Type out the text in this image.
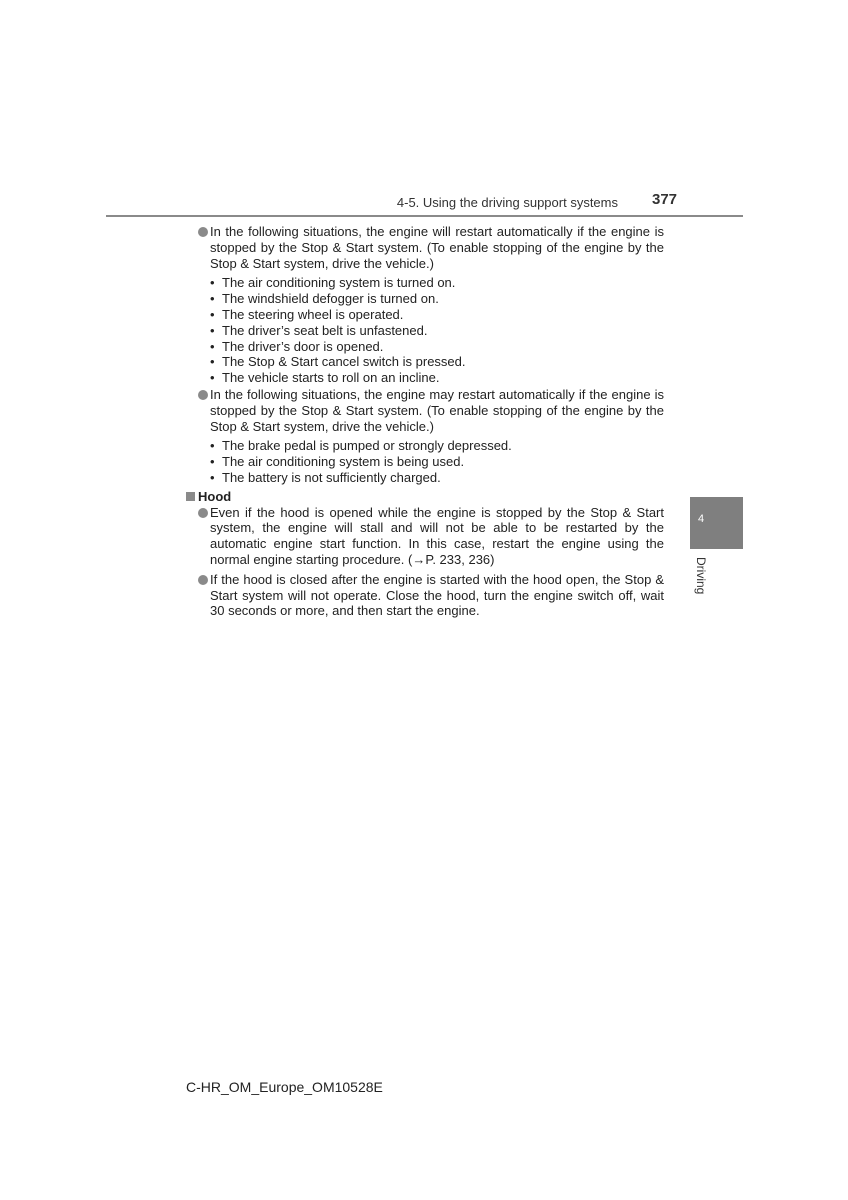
4-5. Using the driving support systems 377
4
Driving
In the following situations, the engine will restart automatically if the engine is stopped by the Stop & Start system. (To enable stopping of the engine by the Stop & Start system, drive the vehicle.)
• The air conditioning system is turned on.
• The windshield defogger is turned on.
• The steering wheel is operated.
• The driver’s seat belt is unfastened.
• The driver’s door is opened.
• The Stop & Start cancel switch is pressed.
• The vehicle starts to roll on an incline.
In the following situations, the engine may restart automatically if the engine is stopped by the Stop & Start system. (To enable stopping of the engine by the Stop & Start system, drive the vehicle.)
• The brake pedal is pumped or strongly depressed.
• The air conditioning system is being used.
• The battery is not sufficiently charged.
Hood
Even if the hood is opened while the engine is stopped by the Stop & Start system, the engine will stall and will not be able to be restarted by the automatic engine start function. In this case, restart the engine using the normal engine starting procedure. (→P. 233, 236)
If the hood is closed after the engine is started with the hood open, the Stop & Start system will not operate. Close the hood, turn the engine switch off, wait 30 seconds or more, and then start the engine.
C-HR_OM_Europe_OM10528E
